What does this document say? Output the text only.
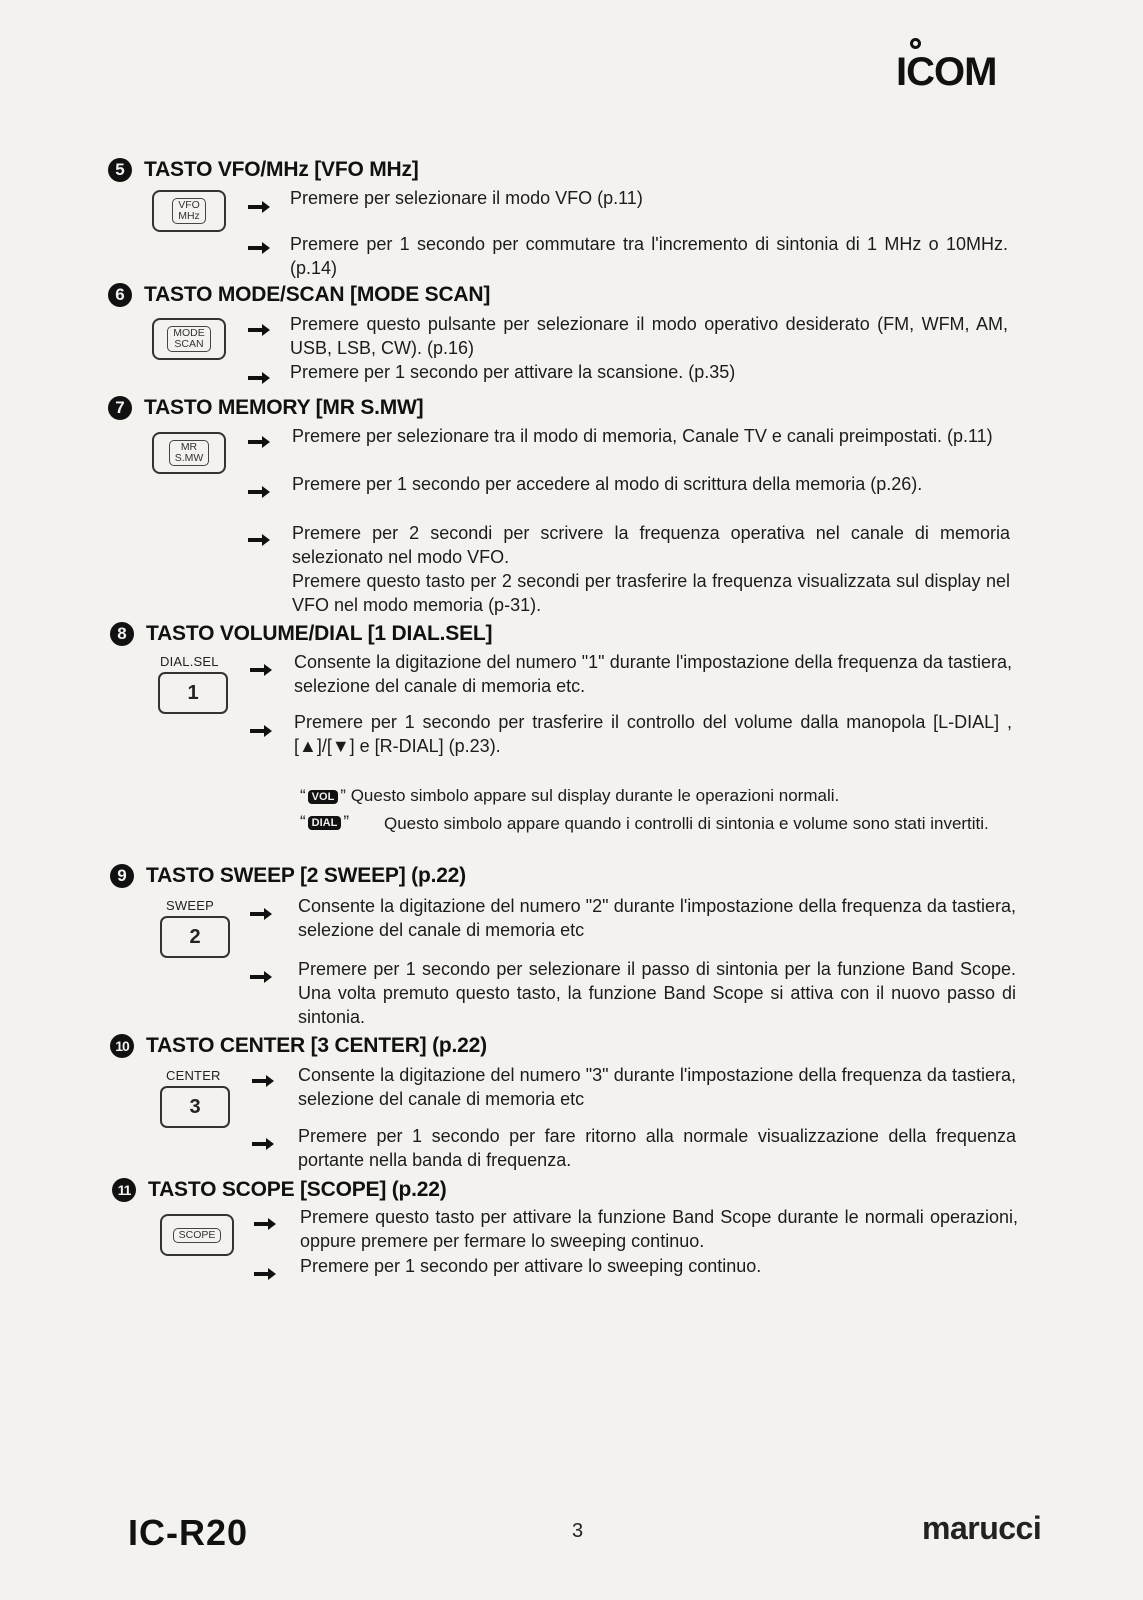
ICOM
5 TASTO VFO/MHz [VFO MHz]
VFO
MHz
Premere per selezionare il modo VFO (p.11)
Premere per 1 secondo per commutare tra l'incremento di sintonia di 1 MHz o 10MHz. (p.14)
6 TASTO MODE/SCAN [MODE SCAN]
MODE
SCAN
Premere questo pulsante per selezionare il modo operativo desiderato (FM, WFM, AM, USB, LSB, CW). (p.16)
Premere per 1 secondo per attivare la scansione. (p.35)
7 TASTO MEMORY [MR S.MW]
MR
S.MW
Premere per selezionare tra il modo di memoria, Canale TV e canali preimpostati. (p.11)
Premere per 1 secondo per accedere al modo di scrittura della memoria (p.26).
Premere per 2 secondi per scrivere la frequenza operativa nel canale di memoria selezionato nel modo VFO.
Premere questo tasto per 2 secondi per trasferire la frequenza visualizzata sul display nel VFO nel modo memoria (p-31).
8 TASTO VOLUME/DIAL [1 DIAL.SEL]
DIAL.SEL
1
Consente la digitazione del numero "1" durante l'impostazione della frequenza da tastiera, selezione del canale di memoria etc.
Premere per 1 secondo per trasferire il controllo del volume dalla manopola [L-DIAL] , [▲]/[▼] e [R-DIAL] (p.23).
“ VOL ” Questo simbolo appare sul display durante le operazioni normali.
“ DIAL ” Questo simbolo appare quando i controlli di sintonia e volume sono stati invertiti.
9 TASTO SWEEP [2 SWEEP] (p.22)
SWEEP
2
Consente la digitazione del numero "2" durante l'impostazione della frequenza da tastiera, selezione del canale di memoria etc
Premere per 1 secondo per selezionare il passo di sintonia per la funzione Band Scope. Una volta premuto questo tasto, la funzione Band Scope si attiva con il nuovo passo di sintonia.
10 TASTO CENTER [3 CENTER] (p.22)
CENTER
3
Consente la digitazione del numero "3" durante l'impostazione della frequenza da tastiera, selezione del canale di memoria etc
Premere per 1 secondo per fare ritorno alla normale visualizzazione della frequenza portante nella banda di frequenza.
11 TASTO SCOPE [SCOPE] (p.22)
SCOPE
Premere questo tasto per attivare la funzione Band Scope durante le normali operazioni, oppure premere per fermare lo sweeping continuo.
Premere per 1 secondo per attivare lo sweeping continuo.
IC-R20	3	marucci
